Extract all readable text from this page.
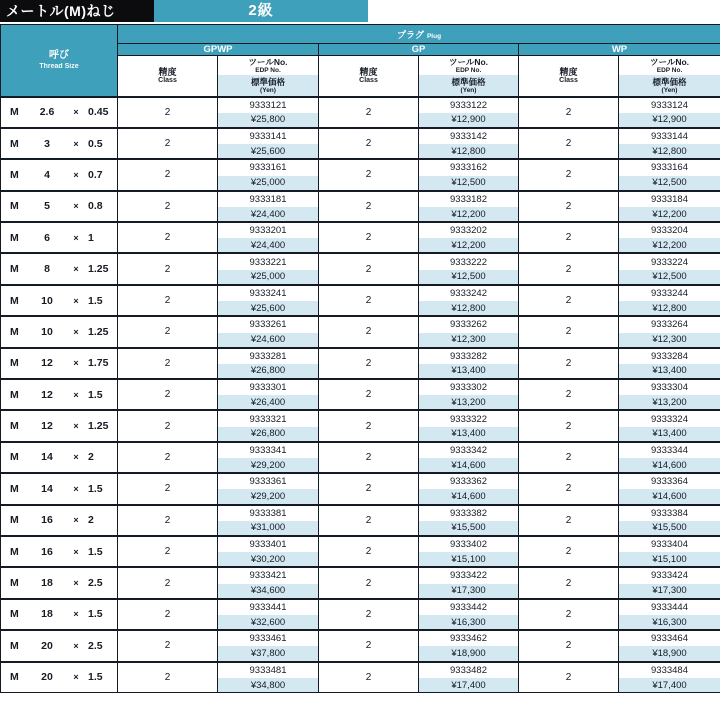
メートル(M)ねじ	2級
呼び
Thread Size	プラグ Plug					
	GPWP		GP		WP	

精度
Class

ツールNo.
EDP No.
標準価格
(Yen)

精度
Class

ツールNo.
EDP No.
標準価格
(Yen)

精度
Class

ツールNo.
EDP No.
標準価格
(Yen)

M	2.6	× 0.45	2	
9333121
¥25,800
	2	
9333122
¥12,900
	2	
9333124
¥12,900

M	3	× 0.5	2	
9333141
¥25,600
	2	
9333142
¥12,800
	2	
9333144
¥12,800

M	4	× 0.7	2	
9333161
¥25,000
	2	
9333162
¥12,500
	2	
9333164
¥12,500

M	5	× 0.8	2	
9333181
¥24,400
	2	
9333182
¥12,200
	2	
9333184
¥12,200

M	6	× 1	2	
9333201
¥24,400
	2	
9333202
¥12,200
	2	
9333204
¥12,200

M	8	× 1.25	2	
9333221
¥25,000
	2	
9333222
¥12,500
	2	
9333224
¥12,500

M	10	× 1.5	2	
9333241
¥25,600
	2	
9333242
¥12,800
	2	
9333244
¥12,800

M	10	× 1.25	2	
9333261
¥24,600
	2	
9333262
¥12,300
	2	
9333264
¥12,300

M	12	× 1.75	2	
9333281
¥26,800
	2	
9333282
¥13,400
	2	
9333284
¥13,400

M	12	× 1.5	2	
9333301
¥26,400
	2	
9333302
¥13,200
	2	
9333304
¥13,200

M	12	× 1.25	2	
9333321
¥26,800
	2	
9333322
¥13,400
	2	
9333324
¥13,400

M	14	× 2	2	
9333341
¥29,200
	2	
9333342
¥14,600
	2	
9333344
¥14,600

M	14	× 1.5	2	
9333361
¥29,200
	2	
9333362
¥14,600
	2	
9333364
¥14,600

M	16	× 2	2	
9333381
¥31,000
	2	
9333382
¥15,500
	2	
9333384
¥15,500

M	16	× 1.5	2	
9333401
¥30,200
	2	
9333402
¥15,100
	2	
9333404
¥15,100

M	18	× 2.5	2	
9333421
¥34,600
	2	
9333422
¥17,300
	2	
9333424
¥17,300

M	18	× 1.5	2	
9333441
¥32,600
	2	
9333442
¥16,300
	2	
9333444
¥16,300

M	20	× 2.5	2	
9333461
¥37,800
	2	
9333462
¥18,900
	2	
9333464
¥18,900

M	20	× 1.5	2	
9333481
¥34,800
	2	
9333482
¥17,400
	2	
9333484
¥17,400
